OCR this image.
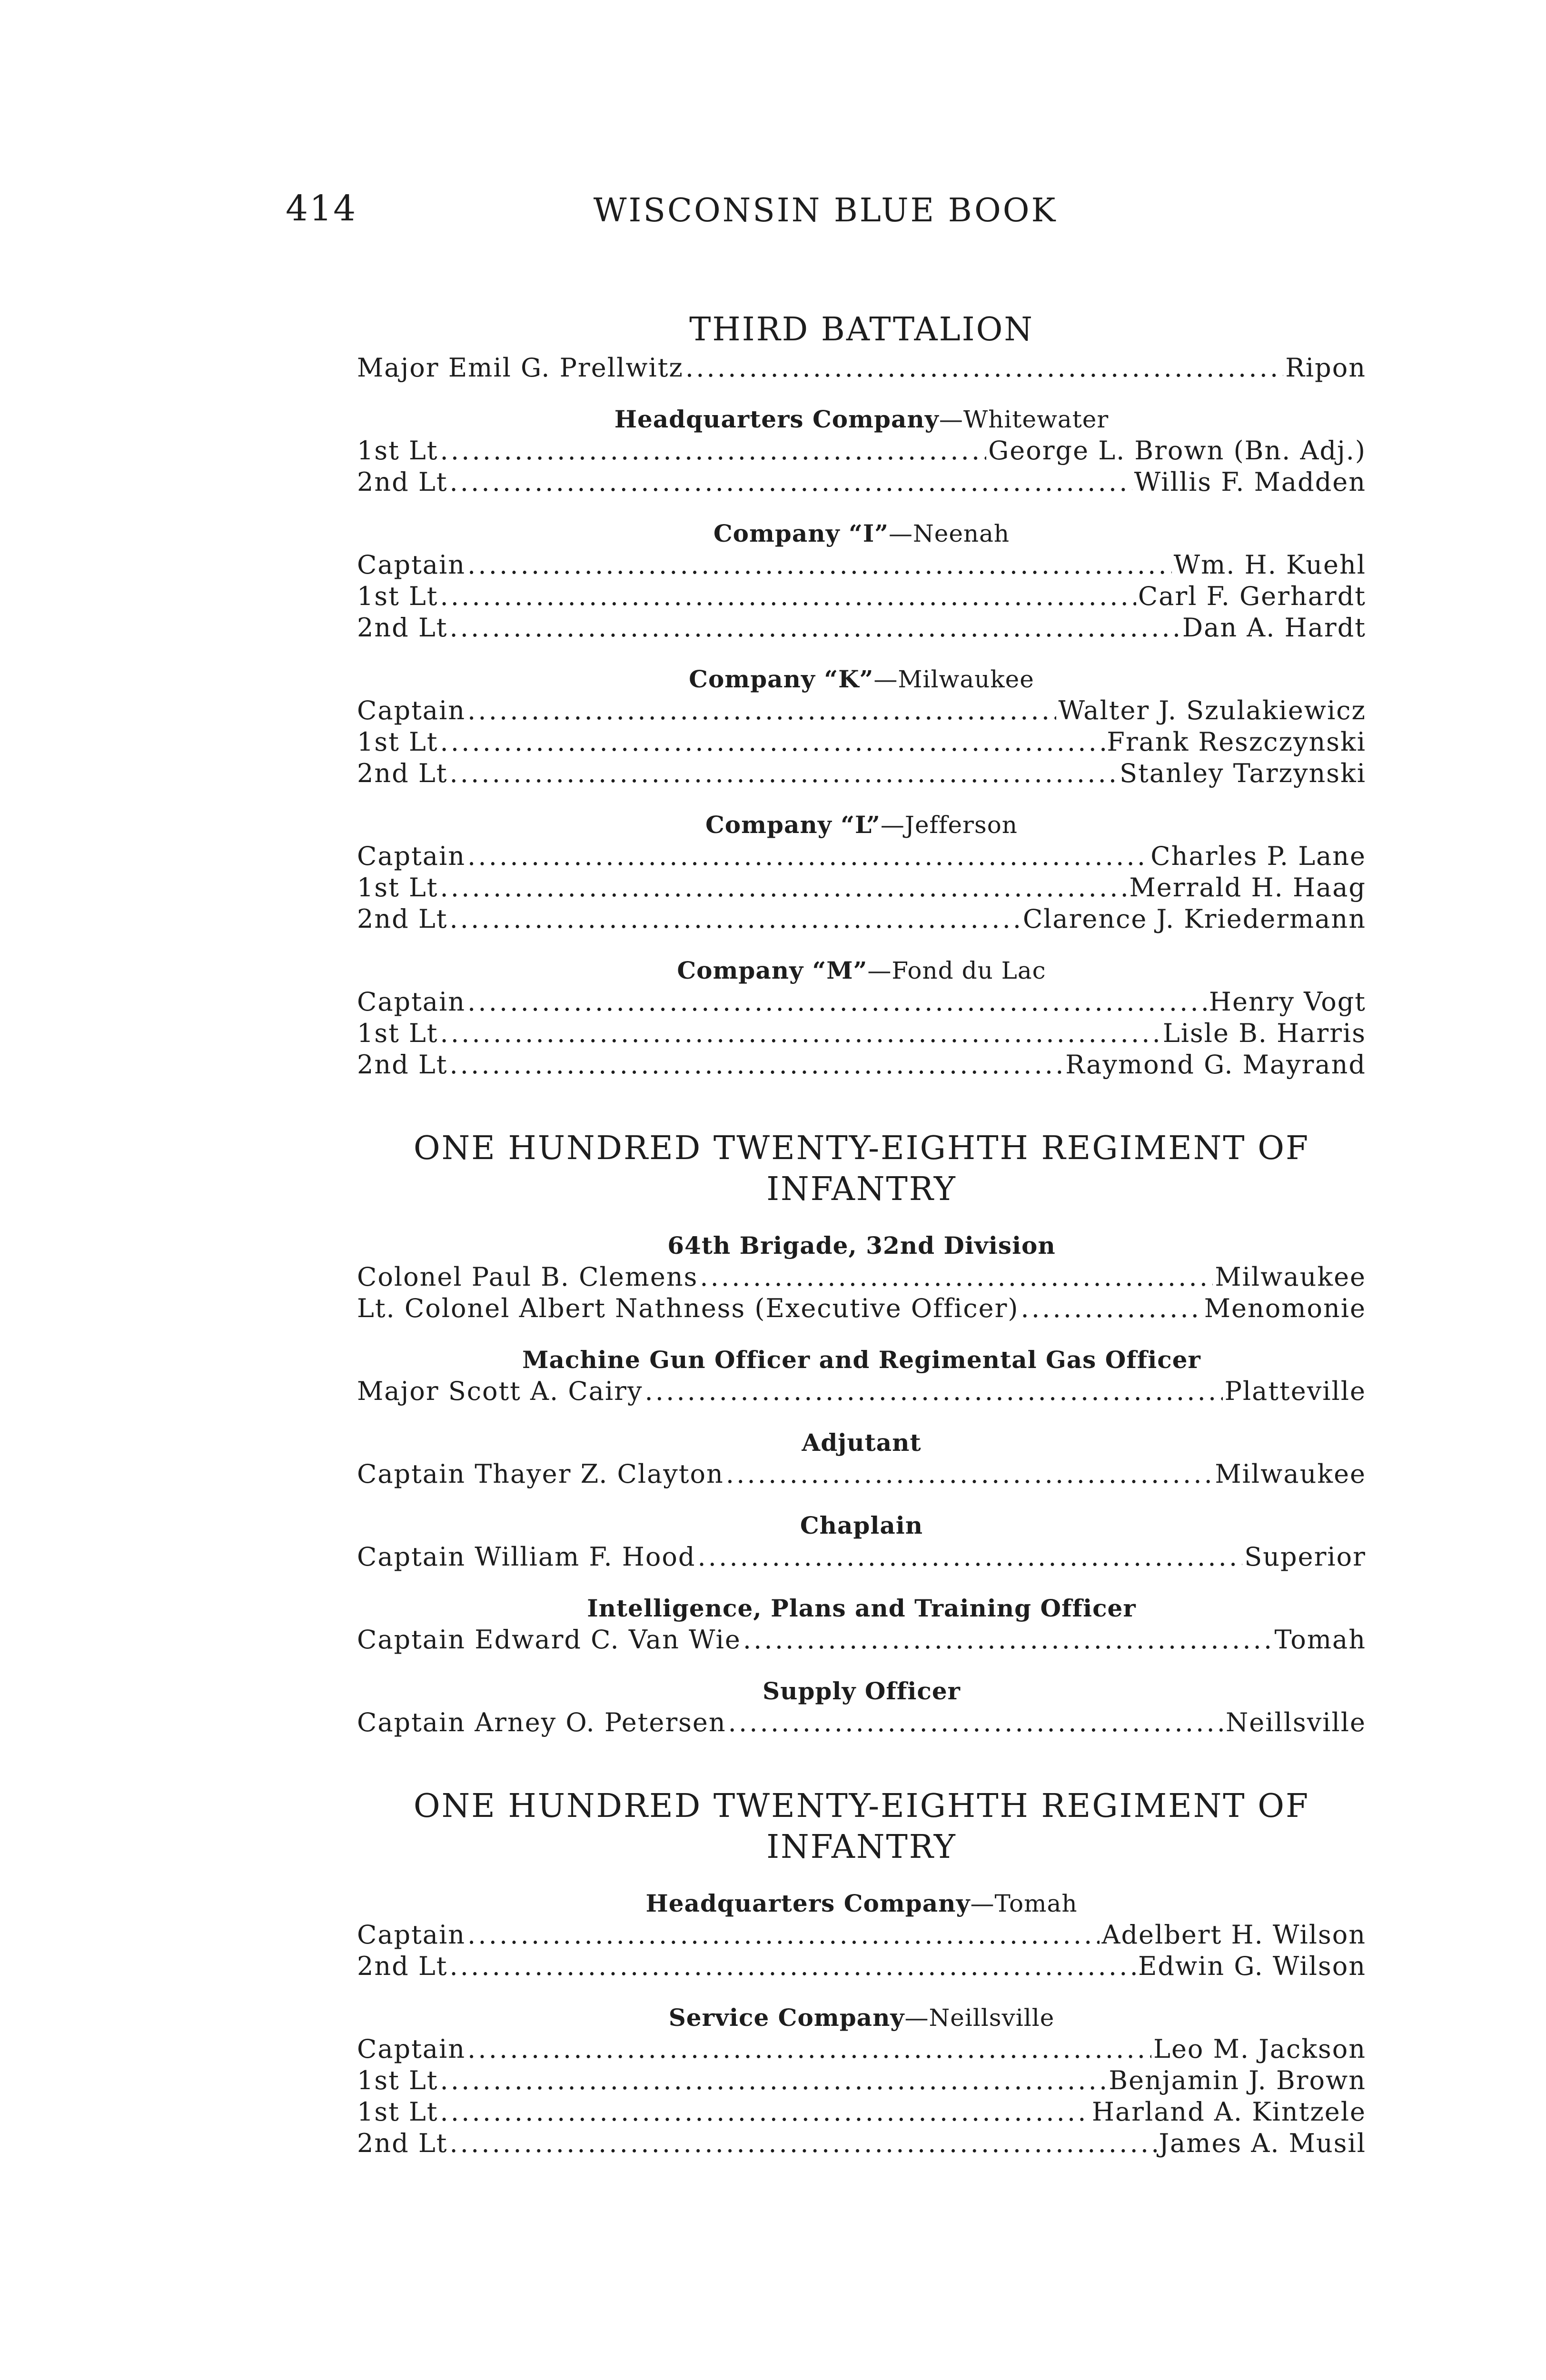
414	WISCONSIN BLUE BOOK
THIRD BATTALION
Major Emil G. Prellwitz . . .	Ripon
Headquarters Company—Whitewater
1st Lt . . .	George L. Brown (Bn. Adj.)
2nd Lt . . .	Willis F. Madden
Company “I”—Neenah
Captain . . .	Wm. H. Kuehl
1st Lt . . .	Carl F. Gerhardt
2nd Lt . . .	Dan A. Hardt
Company “K”—Milwaukee
Captain . . .	Walter J. Szulakiewicz
1st Lt . . .	Frank Reszczynski
2nd Lt . . .	Stanley Tarzynski
Company “L”—Jefferson
Captain . . .	Charles P. Lane
1st Lt . . .	Merrald H. Haag
2nd Lt . . .	Clarence J. Kriedermann
Company “M”—Fond du Lac
Captain . . .	Henry Vogt
1st Lt . . .	Lisle B. Harris
2nd Lt . . .	Raymond G. Mayrand
ONE HUNDRED TWENTY-EIGHTH REGIMENT OF INFANTRY
64th Brigade, 32nd Division
Colonel Paul B. Clemens . . .	Milwaukee
Lt. Colonel Albert Nathness (Executive Officer) . . .	Menomonie
Machine Gun Officer and Regimental Gas Officer
Major Scott A. Cairy . . .	Platteville
Adjutant
Captain Thayer Z. Clayton . . .	Milwaukee
Chaplain
Captain William F. Hood . . .	Superior
Intelligence, Plans and Training Officer
Captain Edward C. Van Wie . . .	Tomah
Supply Officer
Captain Arney O. Petersen . . .	Neillsville
ONE HUNDRED TWENTY-EIGHTH REGIMENT OF INFANTRY
Headquarters Company—Tomah
Captain . . .	Adelbert H. Wilson
2nd Lt . . .	Edwin G. Wilson
Service Company—Neillsville
Captain . . .	Leo M. Jackson
1st Lt . . .	Benjamin J. Brown
1st Lt . . .	Harland A. Kintzele
2nd Lt . . .	James A. Musil
